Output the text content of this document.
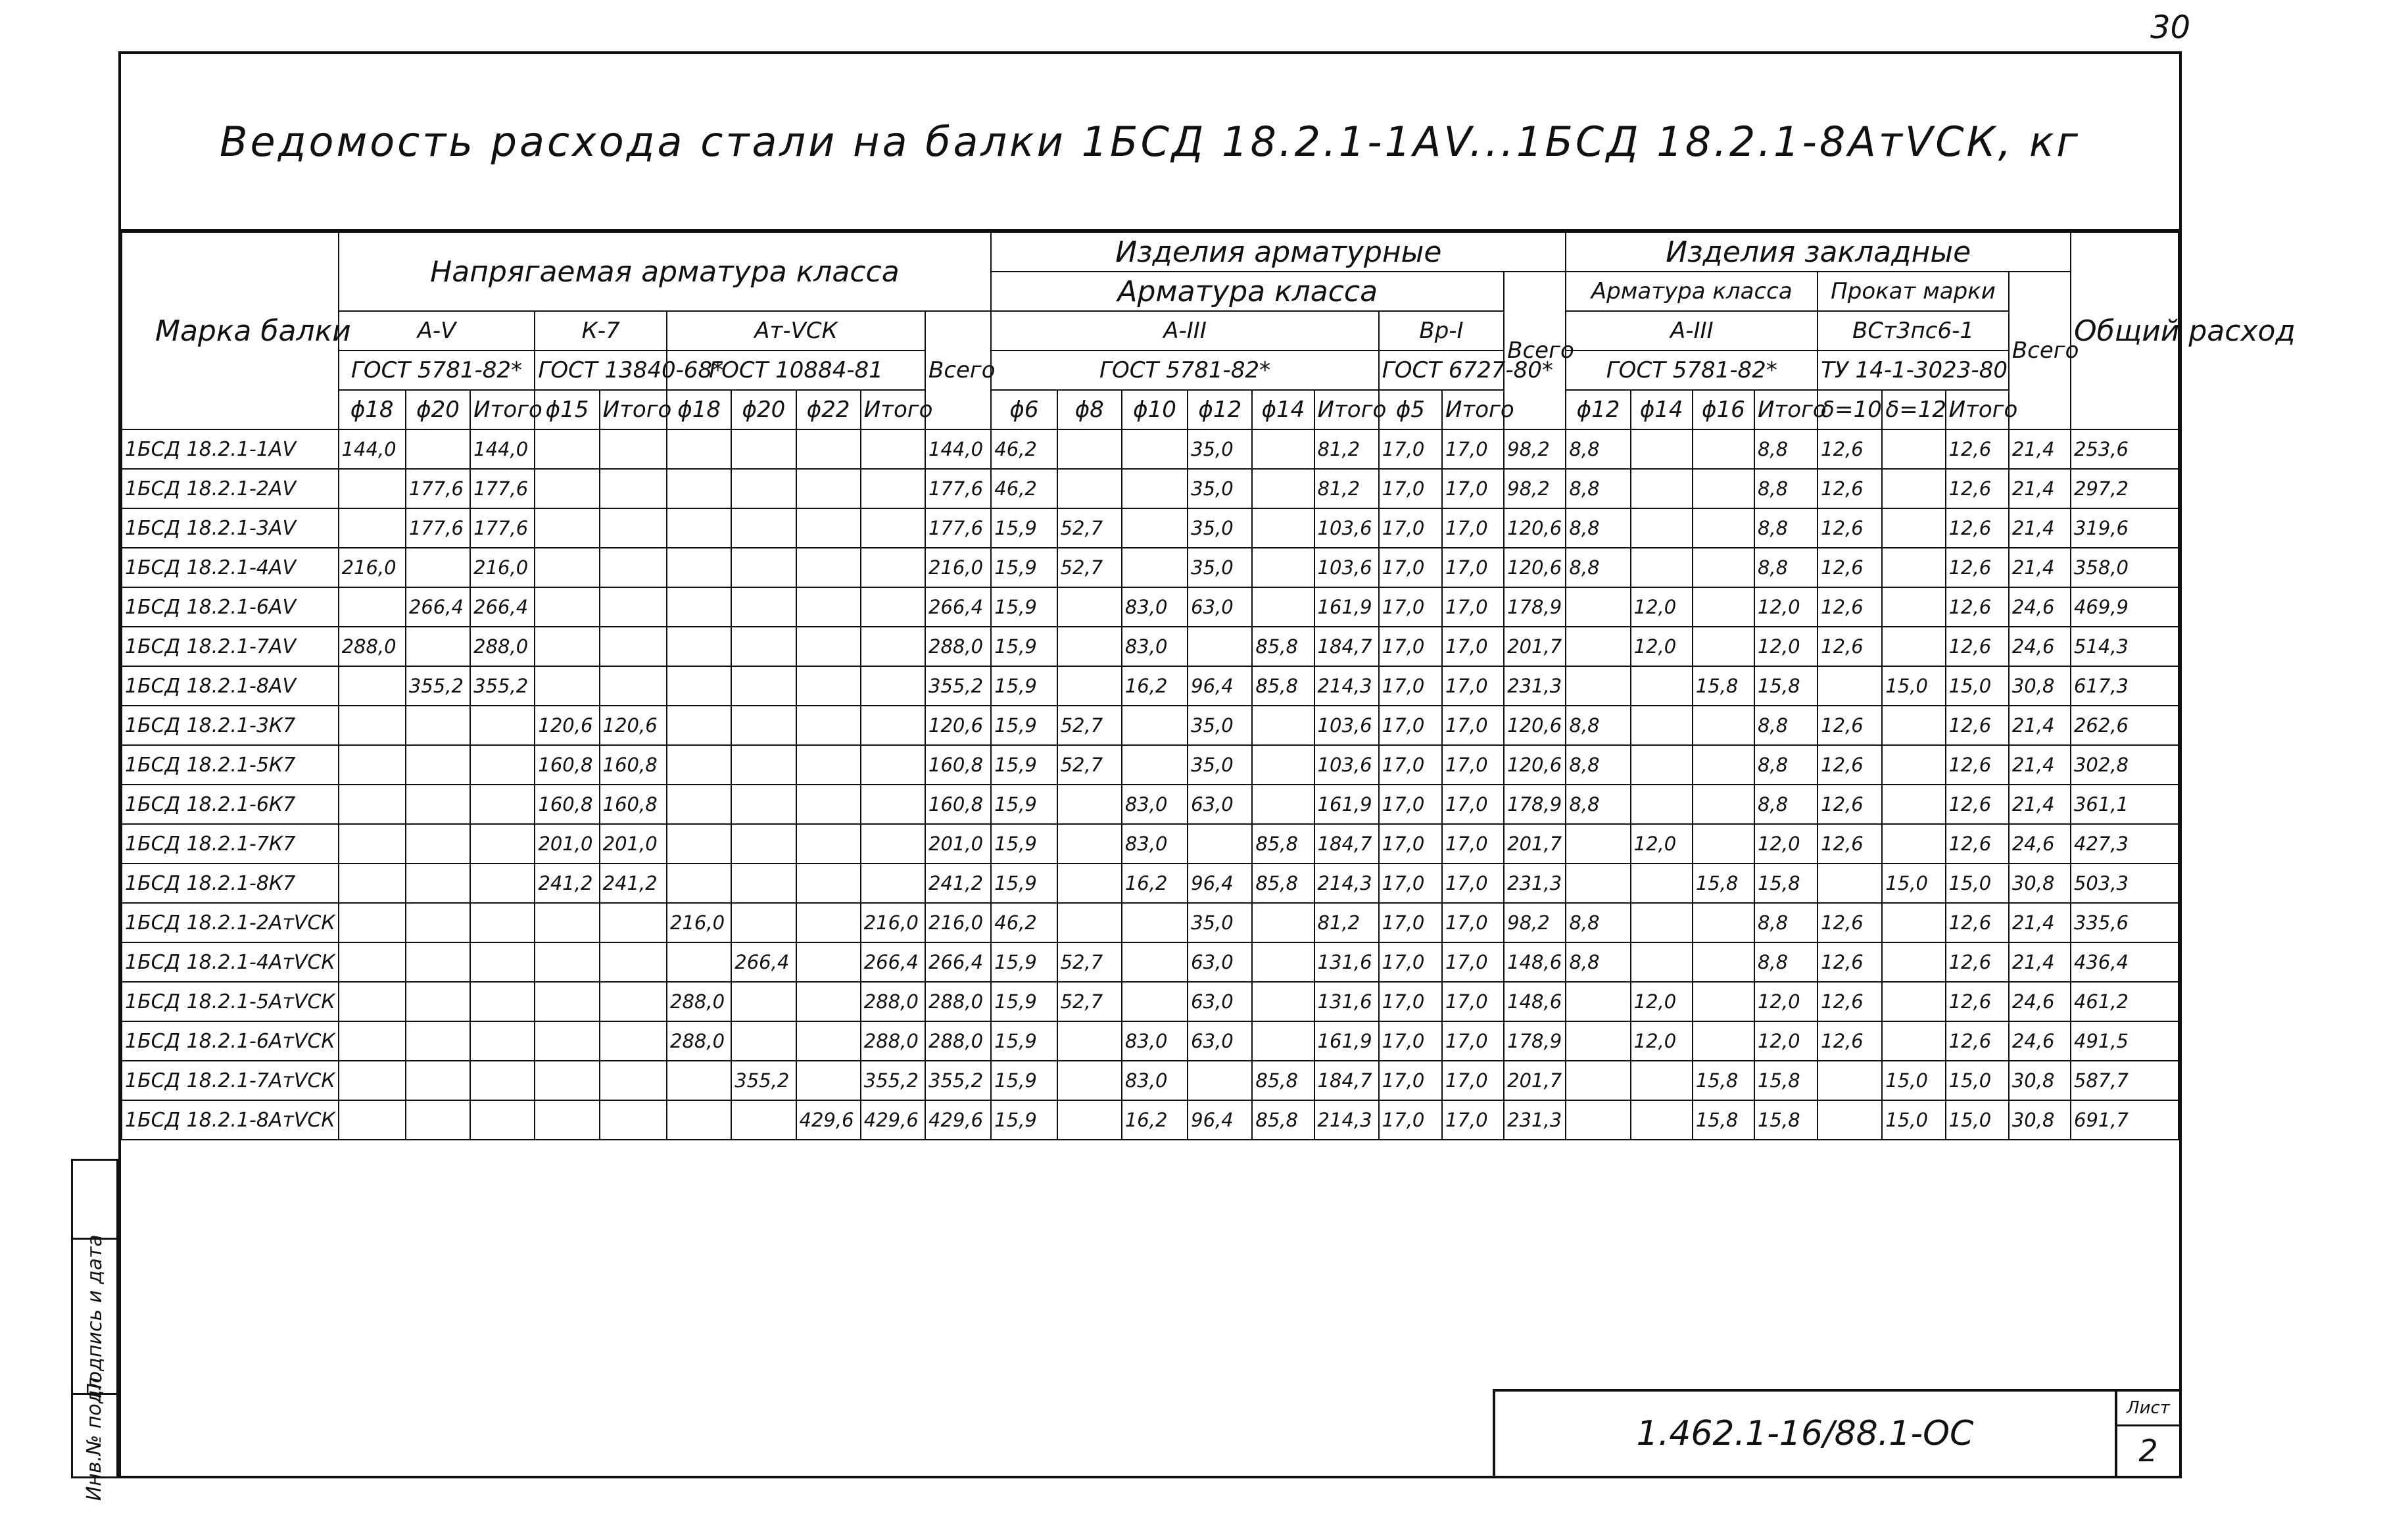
30
Ведомость расхода стали на балки 1БСД 18.2.1-1АV...1БСД 18.2.1-8АтVСК, кг
Марка балки	Напрягаемая арматура класса										Изделия арматурные									Изделия закладные								Общий расход
											Арматура класса								Всего	Арматура класса				Прокат марки			Всего	
	А-V			К-7		Ат-VСК				Всего	А-III						Вр-I			А-III				ВСт3пс6-1				
	ГОСТ 5781-82*			ГОСТ 13840-68*		ГОСТ 10884-81					ГОСТ 5781-82*						ГОСТ 6727-80*			ГОСТ 5781-82*				ТУ 14-1-3023-80				
	ϕ18	ϕ20	Итого	ϕ15	Итого	ϕ18	ϕ20	ϕ22	Итого		ϕ6	ϕ8	ϕ10	ϕ12	ϕ14	Итого	ϕ5	Итого		ϕ12	ϕ14	ϕ16	Итого	δ=10	δ=12	Итого		
1БСД 18.2.1-1АV	144,0		144,0							144,0	46,2			35,0		81,2	17,0	17,0	98,2	8,8			8,8	12,6		12,6	21,4	253,6
1БСД 18.2.1-2АV		177,6	177,6							177,6	46,2			35,0		81,2	17,0	17,0	98,2	8,8			8,8	12,6		12,6	21,4	297,2
1БСД 18.2.1-3АV		177,6	177,6							177,6	15,9	52,7		35,0		103,6	17,0	17,0	120,6	8,8			8,8	12,6		12,6	21,4	319,6
1БСД 18.2.1-4АV	216,0		216,0							216,0	15,9	52,7		35,0		103,6	17,0	17,0	120,6	8,8			8,8	12,6		12,6	21,4	358,0
1БСД 18.2.1-6АV		266,4	266,4							266,4	15,9		83,0	63,0		161,9	17,0	17,0	178,9		12,0		12,0	12,6		12,6	24,6	469,9
1БСД 18.2.1-7АV	288,0		288,0							288,0	15,9		83,0		85,8	184,7	17,0	17,0	201,7		12,0		12,0	12,6		12,6	24,6	514,3
1БСД 18.2.1-8АV		355,2	355,2							355,2	15,9		16,2	96,4	85,8	214,3	17,0	17,0	231,3			15,8	15,8		15,0	15,0	30,8	617,3
1БСД 18.2.1-3К7				120,6	120,6					120,6	15,9	52,7		35,0		103,6	17,0	17,0	120,6	8,8			8,8	12,6		12,6	21,4	262,6
1БСД 18.2.1-5К7				160,8	160,8					160,8	15,9	52,7		35,0		103,6	17,0	17,0	120,6	8,8			8,8	12,6		12,6	21,4	302,8
1БСД 18.2.1-6К7				160,8	160,8					160,8	15,9		83,0	63,0		161,9	17,0	17,0	178,9	8,8			8,8	12,6		12,6	21,4	361,1
1БСД 18.2.1-7К7				201,0	201,0					201,0	15,9		83,0		85,8	184,7	17,0	17,0	201,7		12,0		12,0	12,6		12,6	24,6	427,3
1БСД 18.2.1-8К7				241,2	241,2					241,2	15,9		16,2	96,4	85,8	214,3	17,0	17,0	231,3			15,8	15,8		15,0	15,0	30,8	503,3
1БСД 18.2.1-2АтVСК						216,0			216,0	216,0	46,2			35,0		81,2	17,0	17,0	98,2	8,8			8,8	12,6		12,6	21,4	335,6
1БСД 18.2.1-4АтVСК							266,4		266,4	266,4	15,9	52,7		63,0		131,6	17,0	17,0	148,6	8,8			8,8	12,6		12,6	21,4	436,4
1БСД 18.2.1-5АтVСК						288,0			288,0	288,0	15,9	52,7		63,0		131,6	17,0	17,0	148,6		12,0		12,0	12,6		12,6	24,6	461,2
1БСД 18.2.1-6АтVСК						288,0			288,0	288,0	15,9		83,0	63,0		161,9	17,0	17,0	178,9		12,0		12,0	12,6		12,6	24,6	491,5
1БСД 18.2.1-7АтVСК							355,2		355,2	355,2	15,9		83,0		85,8	184,7	17,0	17,0	201,7			15,8	15,8		15,0	15,0	30,8	587,7
1БСД 18.2.1-8АтVСК								429,6	429,6	429,6	15,9		16,2	96,4	85,8	214,3	17,0	17,0	231,3			15,8	15,8		15,0	15,0	30,8	691,7
Подпись и дата
Инв.№ подл.	1.462.1-16/88.1-ОС
Лист
2
